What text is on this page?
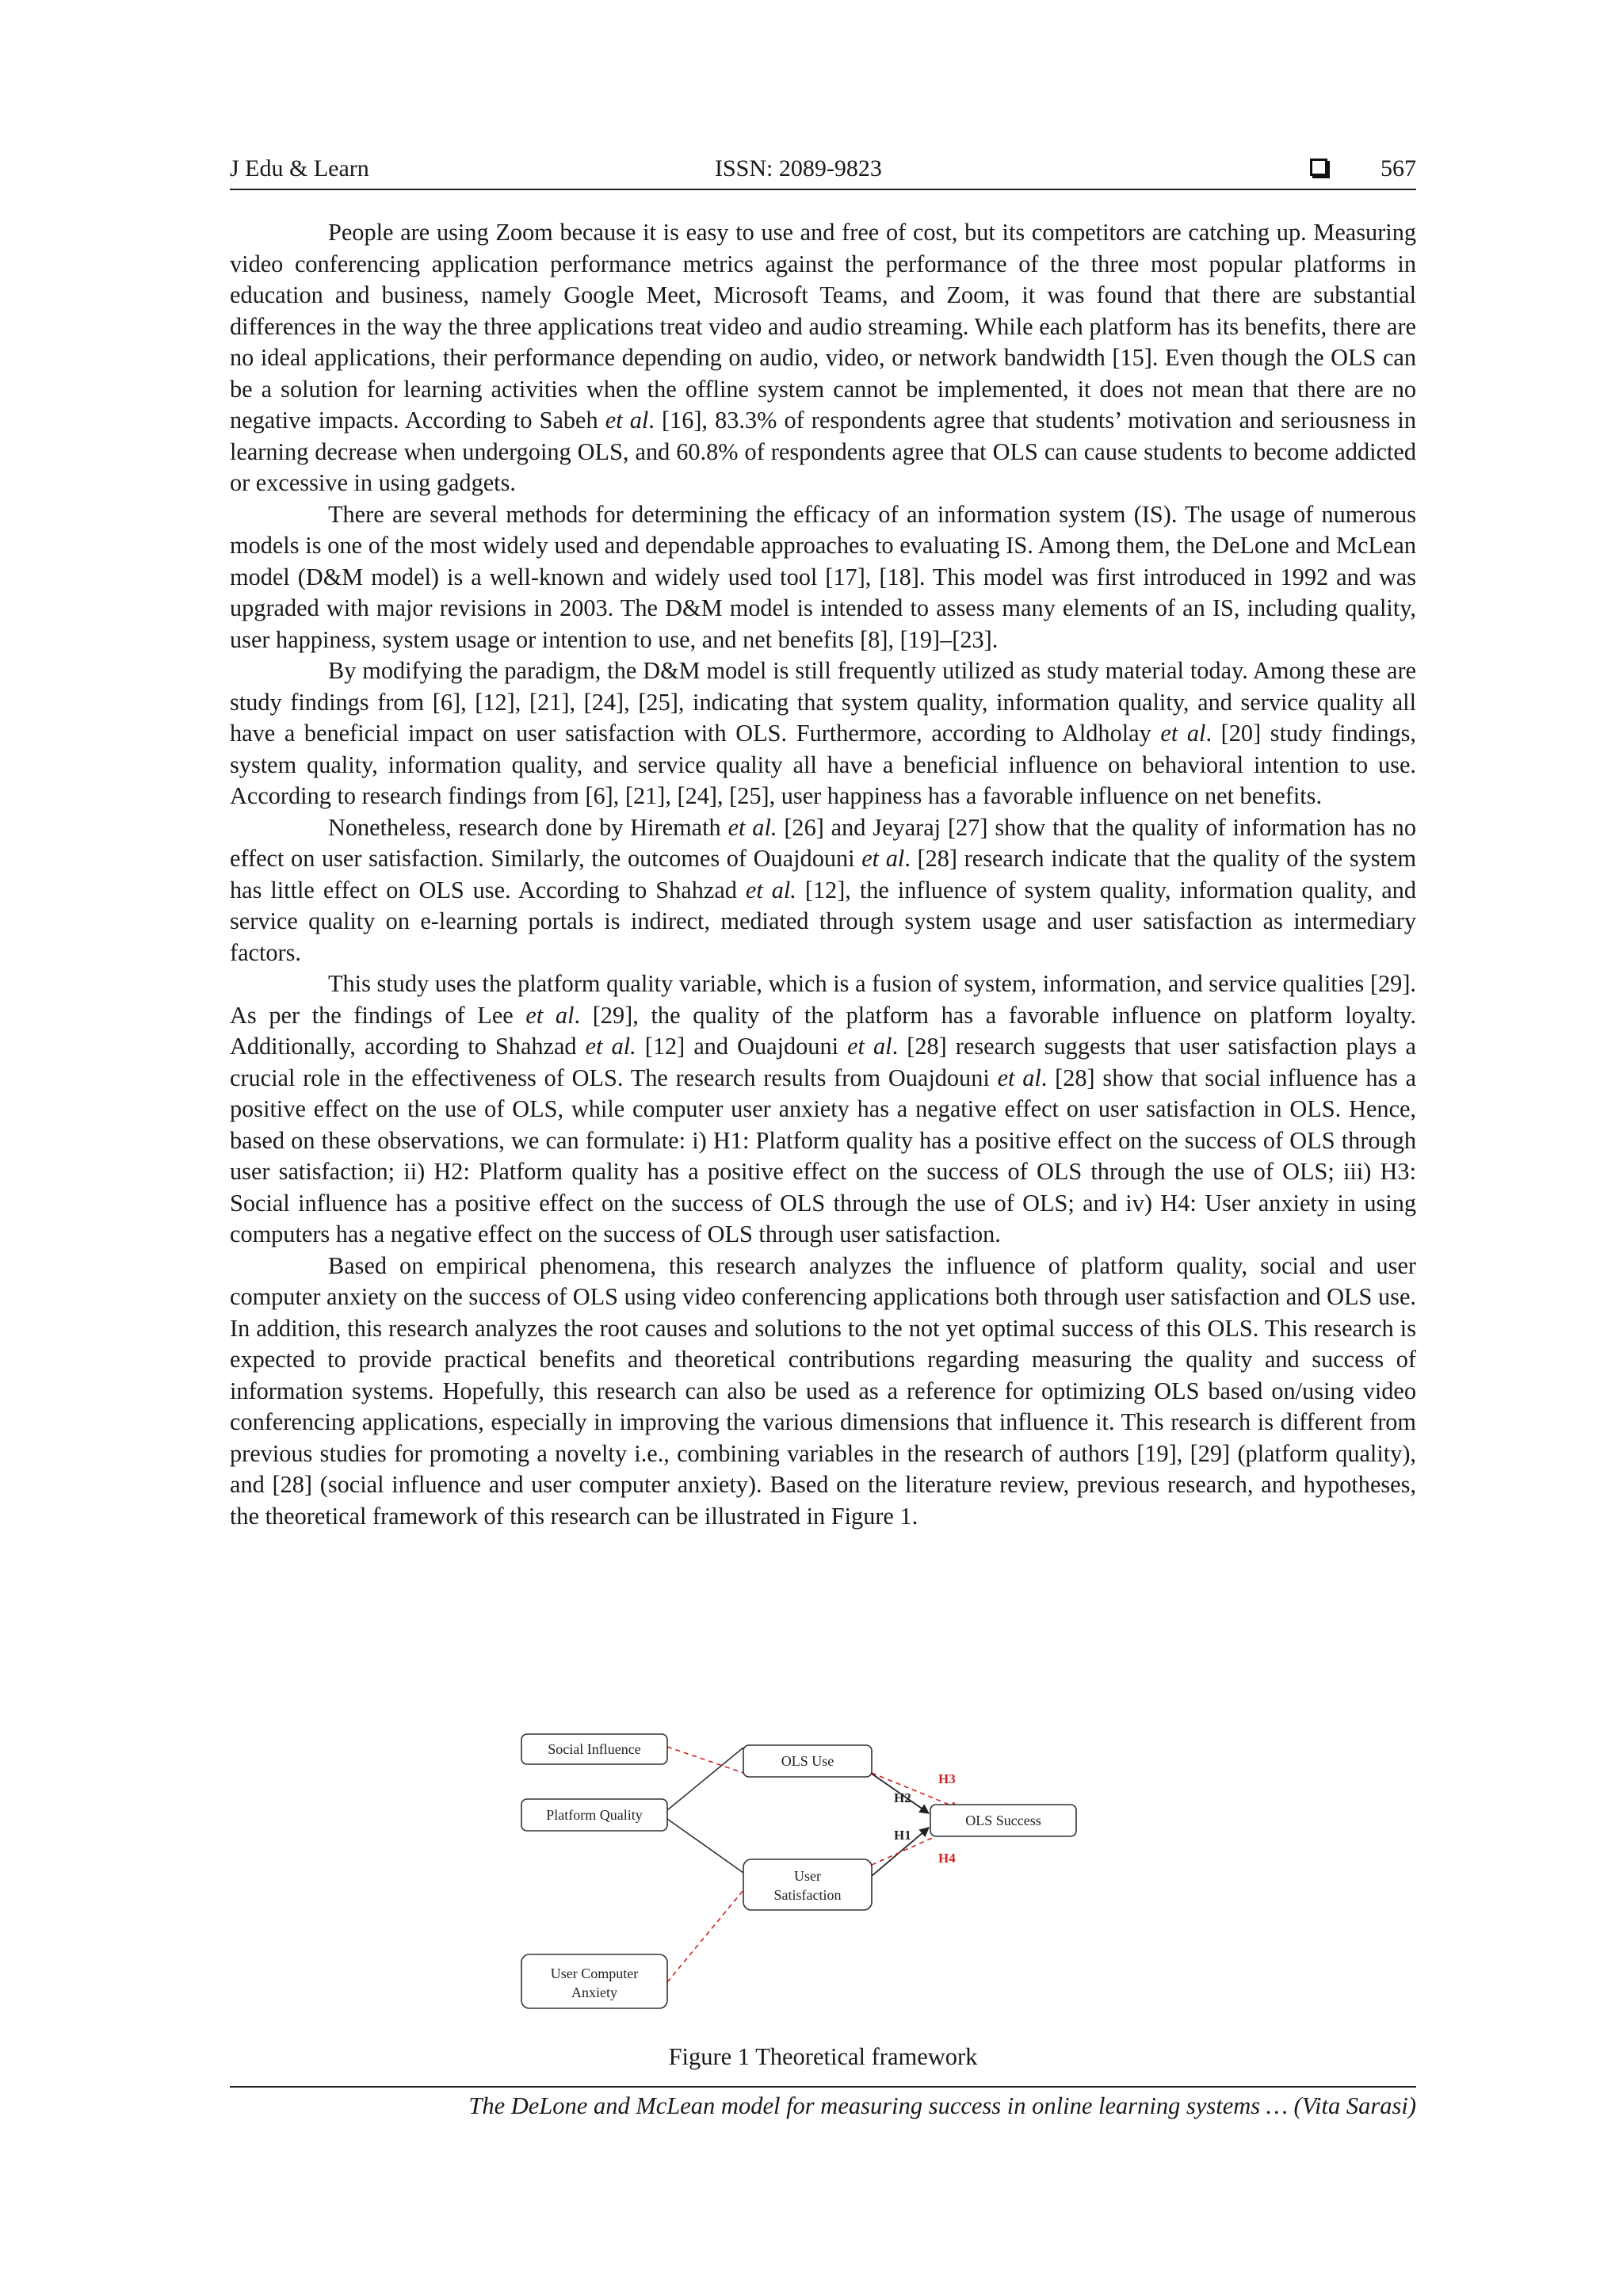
J Edu & Learn	ISSN: 2089-9823	567

People are using Zoom because it is easy to use and free of cost, but its competitors are catching up. Measuring video conferencing application performance metrics against the performance of the three most popular platforms in education and business, namely Google Meet, Microsoft Teams, and Zoom, it was found that there are substantial differences in the way the three applications treat video and audio streaming. While each platform has its benefits, there are no ideal applications, their performance depending on audio, video, or network bandwidth [15]. Even though the OLS can be a solution for learning activities when the offline system cannot be implemented, it does not mean that there are no negative impacts. According to Sabeh et al. [16], 83.3% of respondents agree that students’ motivation and seriousness in learning decrease when undergoing OLS, and 60.8% of respondents agree that OLS can cause students to become addicted or excessive in using gadgets.

There are several methods for determining the efficacy of an information system (IS). The usage of numerous models is one of the most widely used and dependable approaches to evaluating IS. Among them, the DeLone and McLean model (D&M model) is a well-known and widely used tool [17], [18]. This model was first introduced in 1992 and was upgraded with major revisions in 2003. The D&M model is intended to assess many elements of an IS, including quality, user happiness, system usage or intention to use, and net benefits [8], [19]–[23].

By modifying the paradigm, the D&M model is still frequently utilized as study material today. Among these are study findings from [6], [12], [21], [24], [25], indicating that system quality, information quality, and service quality all have a beneficial impact on user satisfaction with OLS. Furthermore, according to Aldholay et al. [20] study findings, system quality, information quality, and service quality all have a beneficial influence on behavioral intention to use. According to research findings from [6], [21], [24], [25], user happiness has a favorable influence on net benefits.

Nonetheless, research done by Hiremath et al. [26] and Jeyaraj [27] show that the quality of information has no effect on user satisfaction. Similarly, the outcomes of Ouajdouni et al. [28] research indicate that the quality of the system has little effect on OLS use. According to Shahzad et al. [12], the influence of system quality, information quality, and service quality on e-learning portals is indirect, mediated through system usage and user satisfaction as intermediary factors.

This study uses the platform quality variable, which is a fusion of system, information, and service qualities [29]. As per the findings of Lee et al. [29], the quality of the platform has a favorable influence on platform loyalty. Additionally, according to Shahzad et al. [12] and Ouajdouni et al. [28] research suggests that user satisfaction plays a crucial role in the effectiveness of OLS. The research results from Ouajdouni et al. [28] show that social influence has a positive effect on the use of OLS, while computer user anxiety has a negative effect on user satisfaction in OLS. Hence, based on these observations, we can formulate: i) H1: Platform quality has a positive effect on the success of OLS through user satisfaction; ii) H2: Platform quality has a positive effect on the success of OLS through the use of OLS; iii) H3: Social influence has a positive effect on the success of OLS through the use of OLS; and iv) H4: User anxiety in using computers has a negative effect on the success of OLS through user satisfaction.

Based on empirical phenomena, this research analyzes the influence of platform quality, social and user computer anxiety on the success of OLS using video conferencing applications both through user satisfaction and OLS use. In addition, this research analyzes the root causes and solutions to the not yet optimal success of this OLS. This research is expected to provide practical benefits and theoretical contributions regarding measuring the quality and success of information systems. Hopefully, this research can also be used as a reference for optimizing OLS based on/using video conferencing applications, especially in improving the various dimensions that influence it. This research is different from previous studies for promoting a novelty i.e., combining variables in the research of authors [19], [29] (platform quality), and [28] (social influence and user computer anxiety). Based on the literature review, previous research, and hypotheses, the theoretical framework of this research can be illustrated in Figure 1.

Social Influence
Platform Quality
User Computer
Anxiety
OLS Use
User
Satisfaction
OLS Success
H2
H1
H3
H4
Figure 1 Theoretical framework
The DeLone and McLean model for measuring success in online learning systems … (Vita Sarasi)
